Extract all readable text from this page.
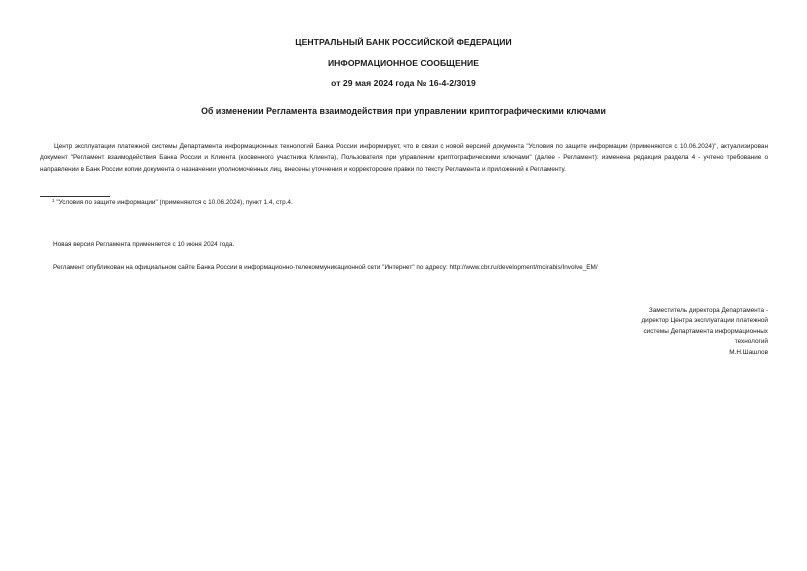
ЦЕНТРАЛЬНЫЙ БАНК РОССИЙСКОЙ ФЕДЕРАЦИИ
ИНФОРМАЦИОННОЕ СООБЩЕНИЕ
от 29 мая 2024 года № 16-4-2/3019
Об изменении Регламента взаимодействия при управлении криптографическими ключами
Центр эксплуатации платежной системы Департамента информационных технологий Банка России информирует, что в связи с новой версией документа "Условия по защите информации (применяются с 10.06.2024)", актуализирован документ "Регламент взаимодействия Банка России и Клиента (косвенного участника Клиента), Пользователя при управлении криптографическими ключами" (далее - Регламент): изменена редакция раздела 4 - учтено требование о направлении в Банк России копии документа о назначении уполномоченных лиц, внесены уточнения и корректорские правки по тексту Регламента и приложений к Регламенту.
$^1$ "Условия по защите информации" (применяются с 10.06.2024), пункт 1.4, стр.4.
Новая версия Регламента применяется с 10 июня 2024 года.
Регламент опубликован на официальном сайте Банка России в информационно-телекоммуникационной сети "Интернет" по адресу: http://www.cbr.ru/development/mcirabis/Involve_EM/
Заместитель директора Департамента -
директор Центра эксплуатации платежной
системы Департамента информационных
технологий
М.Н.Шашлов
